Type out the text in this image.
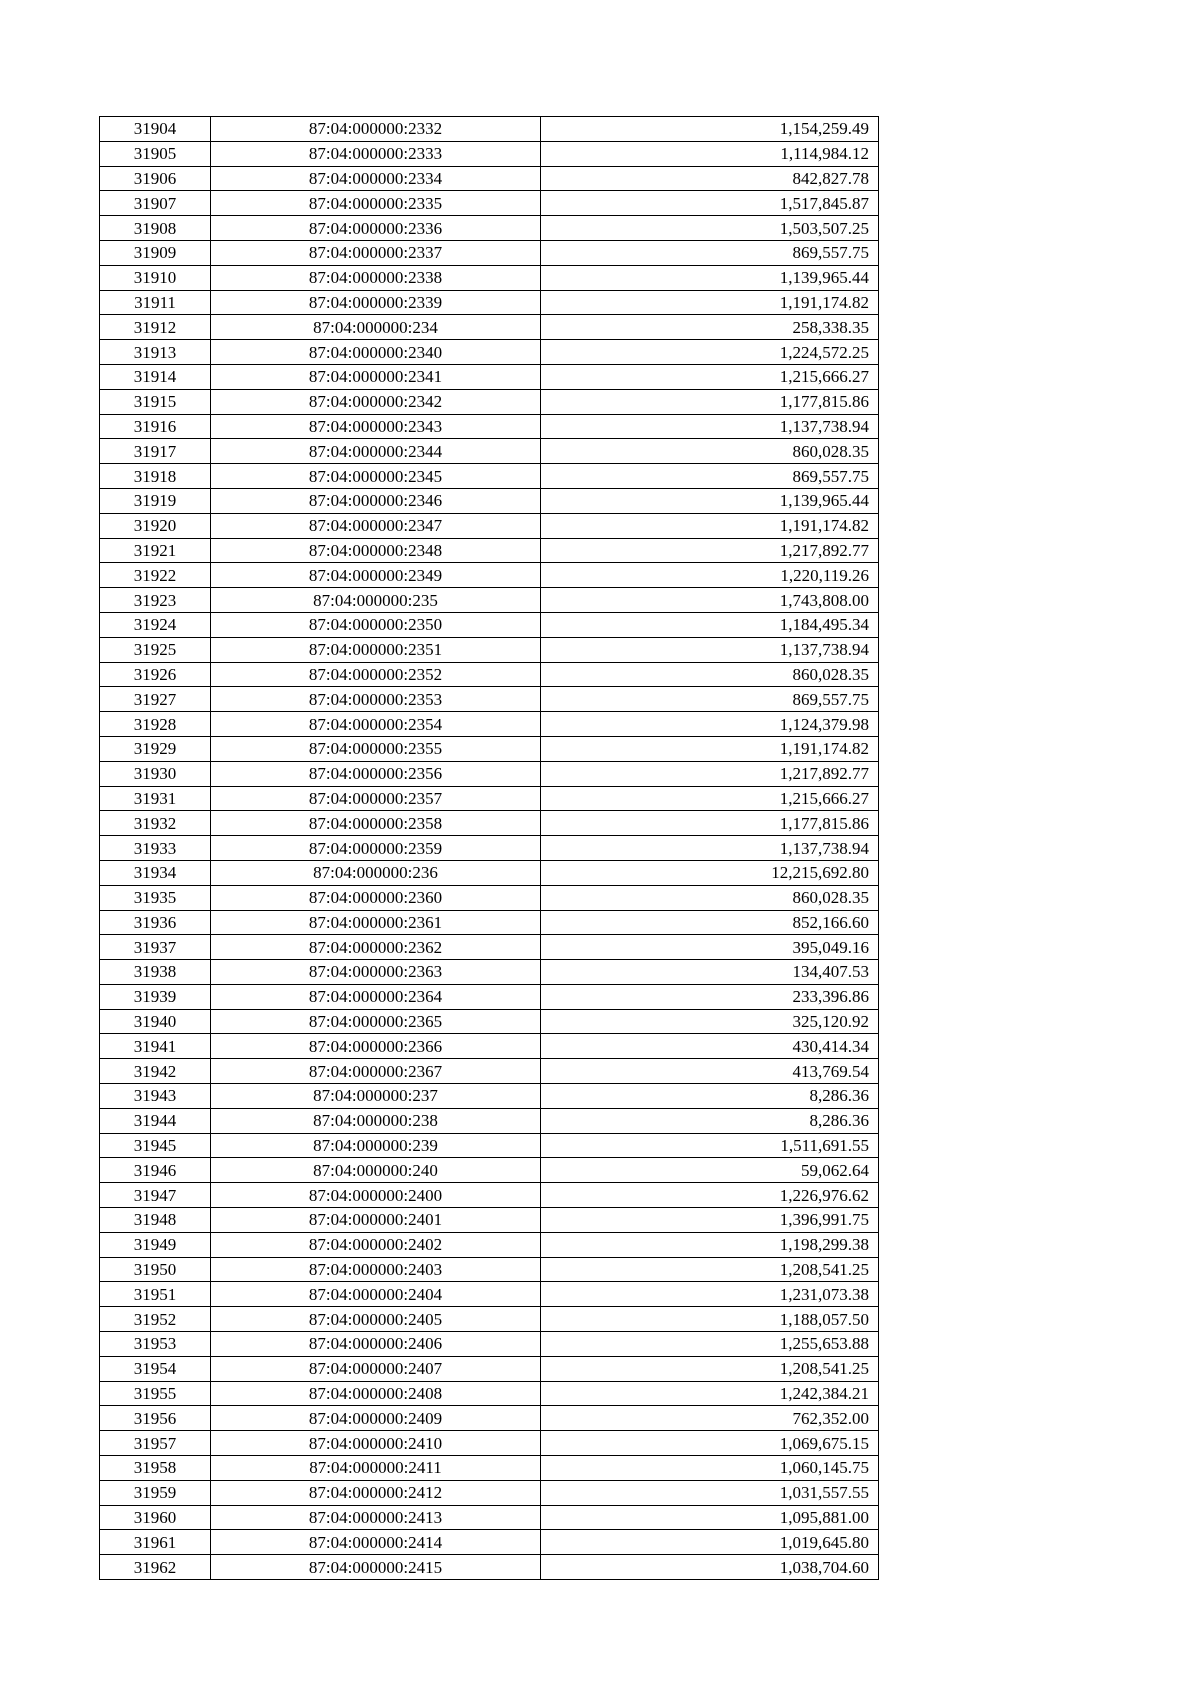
31904	87:04:000000:2332	1,154,259.49
31905	87:04:000000:2333	1,114,984.12
31906	87:04:000000:2334	842,827.78
31907	87:04:000000:2335	1,517,845.87
31908	87:04:000000:2336	1,503,507.25
31909	87:04:000000:2337	869,557.75
31910	87:04:000000:2338	1,139,965.44
31911	87:04:000000:2339	1,191,174.82
31912	87:04:000000:234	258,338.35
31913	87:04:000000:2340	1,224,572.25
31914	87:04:000000:2341	1,215,666.27
31915	87:04:000000:2342	1,177,815.86
31916	87:04:000000:2343	1,137,738.94
31917	87:04:000000:2344	860,028.35
31918	87:04:000000:2345	869,557.75
31919	87:04:000000:2346	1,139,965.44
31920	87:04:000000:2347	1,191,174.82
31921	87:04:000000:2348	1,217,892.77
31922	87:04:000000:2349	1,220,119.26
31923	87:04:000000:235	1,743,808.00
31924	87:04:000000:2350	1,184,495.34
31925	87:04:000000:2351	1,137,738.94
31926	87:04:000000:2352	860,028.35
31927	87:04:000000:2353	869,557.75
31928	87:04:000000:2354	1,124,379.98
31929	87:04:000000:2355	1,191,174.82
31930	87:04:000000:2356	1,217,892.77
31931	87:04:000000:2357	1,215,666.27
31932	87:04:000000:2358	1,177,815.86
31933	87:04:000000:2359	1,137,738.94
31934	87:04:000000:236	12,215,692.80
31935	87:04:000000:2360	860,028.35
31936	87:04:000000:2361	852,166.60
31937	87:04:000000:2362	395,049.16
31938	87:04:000000:2363	134,407.53
31939	87:04:000000:2364	233,396.86
31940	87:04:000000:2365	325,120.92
31941	87:04:000000:2366	430,414.34
31942	87:04:000000:2367	413,769.54
31943	87:04:000000:237	8,286.36
31944	87:04:000000:238	8,286.36
31945	87:04:000000:239	1,511,691.55
31946	87:04:000000:240	59,062.64
31947	87:04:000000:2400	1,226,976.62
31948	87:04:000000:2401	1,396,991.75
31949	87:04:000000:2402	1,198,299.38
31950	87:04:000000:2403	1,208,541.25
31951	87:04:000000:2404	1,231,073.38
31952	87:04:000000:2405	1,188,057.50
31953	87:04:000000:2406	1,255,653.88
31954	87:04:000000:2407	1,208,541.25
31955	87:04:000000:2408	1,242,384.21
31956	87:04:000000:2409	762,352.00
31957	87:04:000000:2410	1,069,675.15
31958	87:04:000000:2411	1,060,145.75
31959	87:04:000000:2412	1,031,557.55
31960	87:04:000000:2413	1,095,881.00
31961	87:04:000000:2414	1,019,645.80
31962	87:04:000000:2415	1,038,704.60
